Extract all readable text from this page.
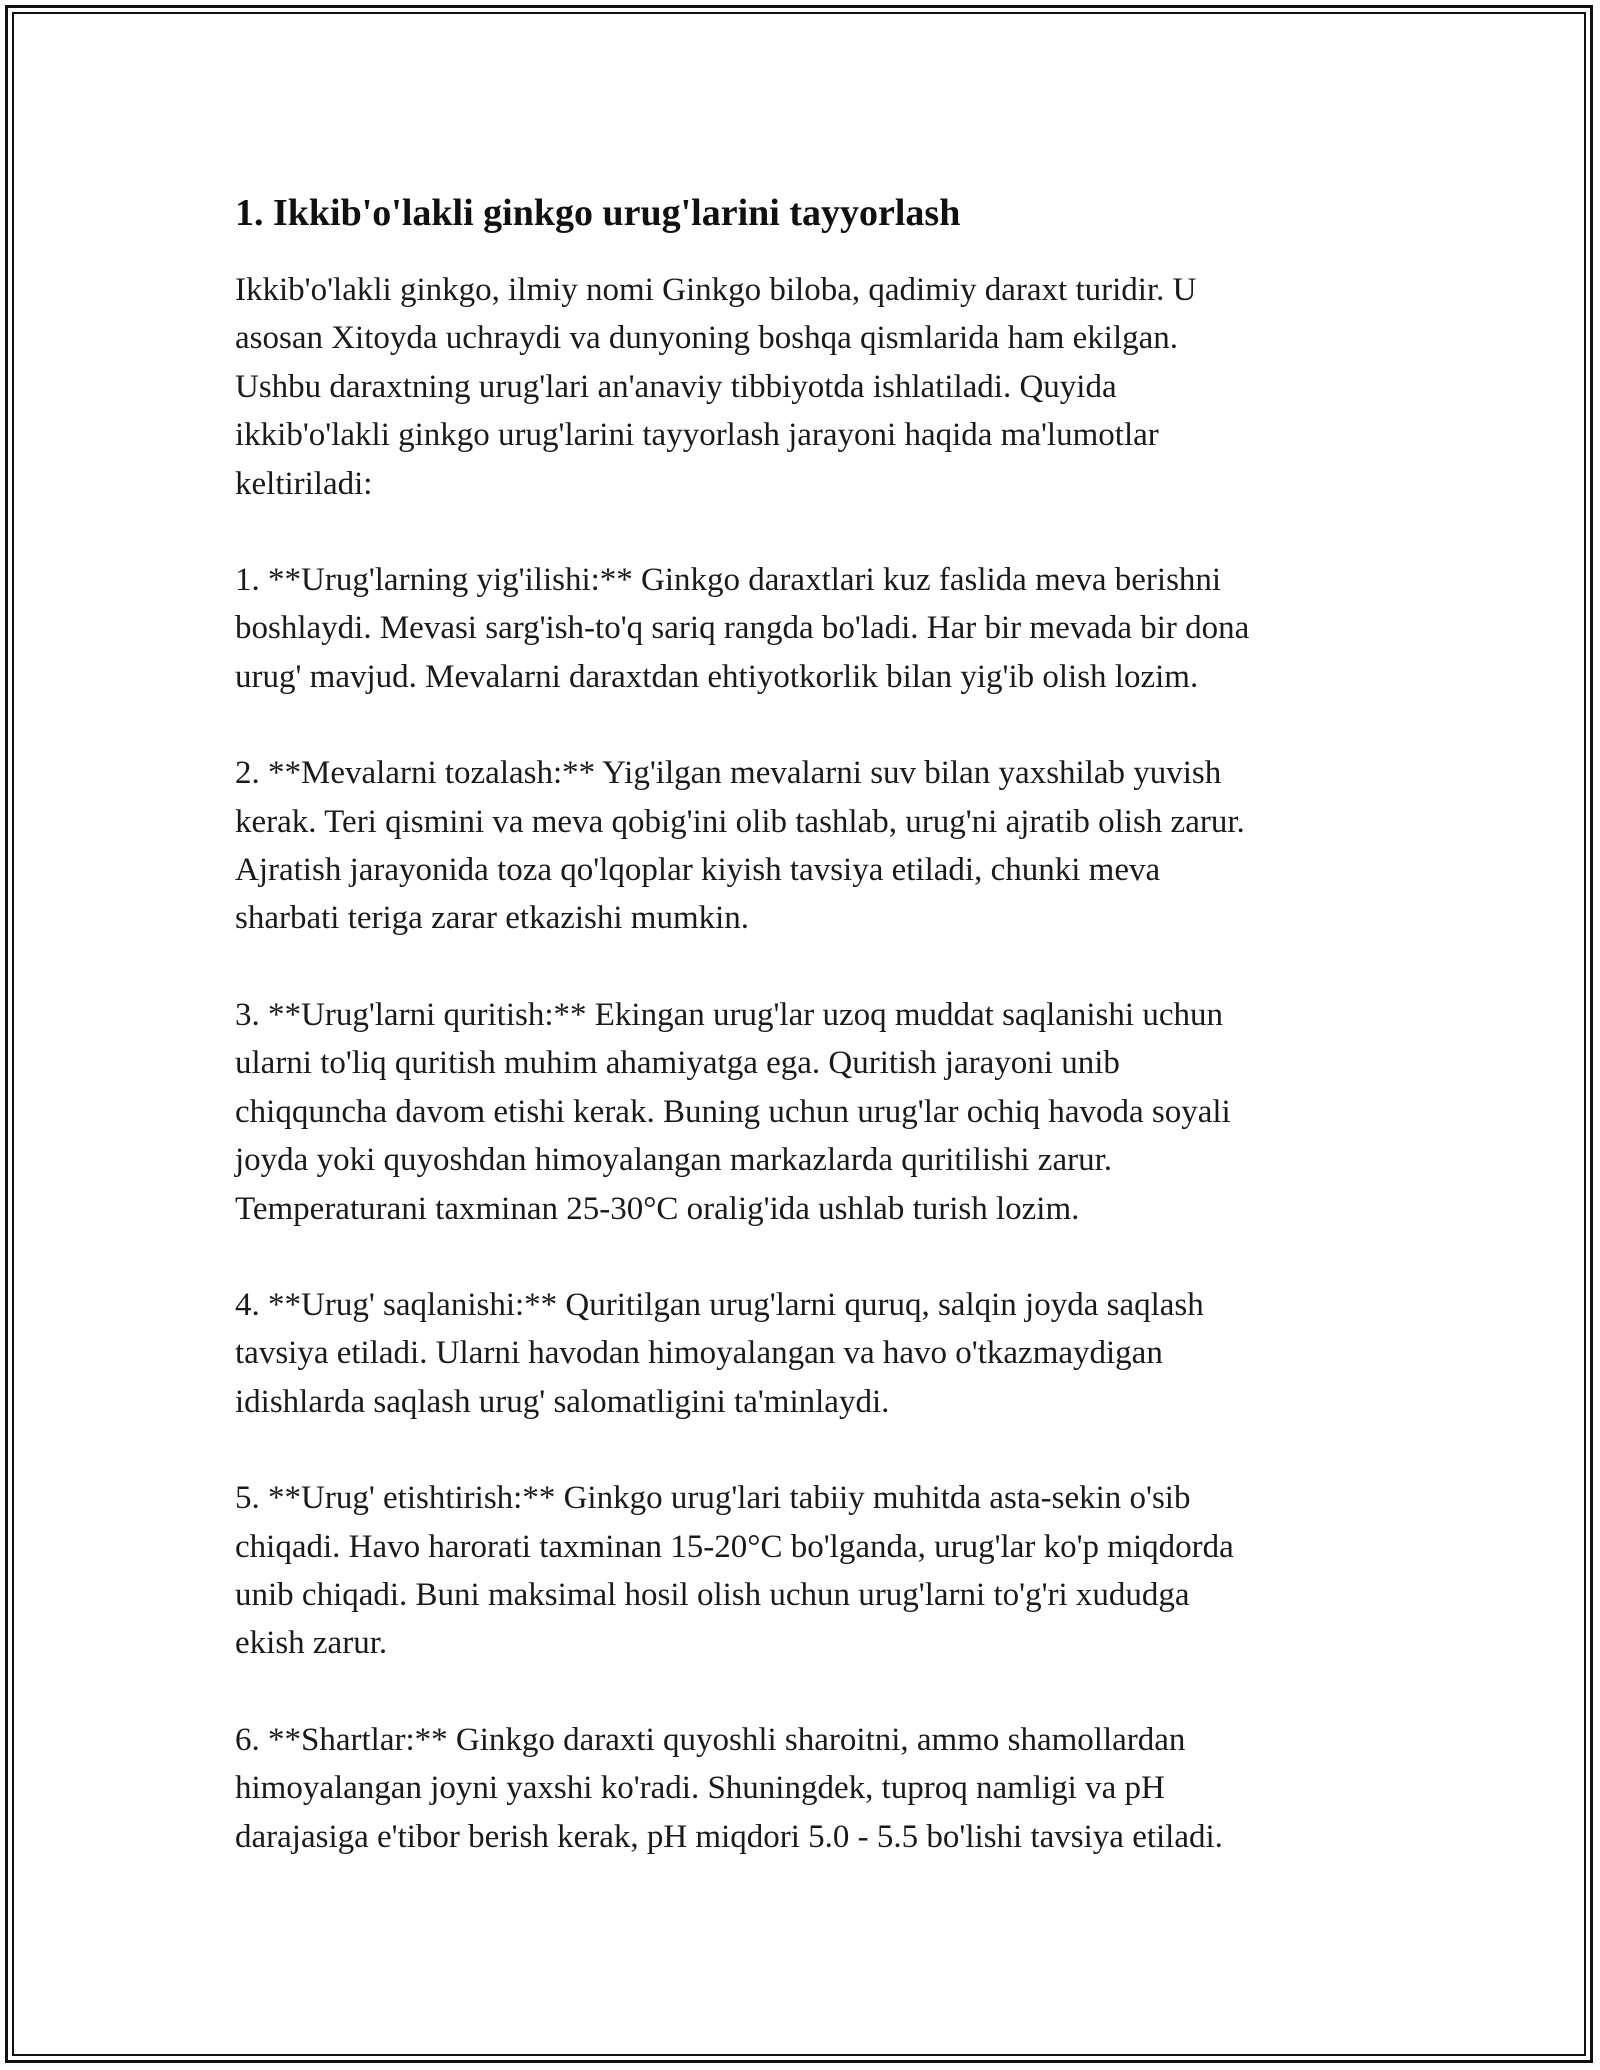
1. Ikkib'o'lakli ginkgo urug'larini tayyorlash

Ikkib'o'lakli ginkgo, ilmiy nomi Ginkgo biloba, qadimiy daraxt turidir. U
asosan Xitoyda uchraydi va dunyoning boshqa qismlarida ham ekilgan.
Ushbu daraxtning urug'lari an'anaviy tibbiyotda ishlatiladi. Quyida
ikkib'o'lakli ginkgo urug'larini tayyorlash jarayoni haqida ma'lumotlar
keltiriladi:

1. **Urug'larning yig'ilishi:** Ginkgo daraxtlari kuz faslida meva berishni
boshlaydi. Mevasi sarg'ish-to'q sariq rangda bo'ladi. Har bir mevada bir dona
urug' mavjud. Mevalarni daraxtdan ehtiyotkorlik bilan yig'ib olish lozim.

2. **Mevalarni tozalash:** Yig'ilgan mevalarni suv bilan yaxshilab yuvish
kerak. Teri qismini va meva qobig'ini olib tashlab, urug'ni ajratib olish zarur.
Ajratish jarayonida toza qo'lqoplar kiyish tavsiya etiladi, chunki meva
sharbati teriga zarar etkazishi mumkin.

3. **Urug'larni quritish:** Ekingan urug'lar uzoq muddat saqlanishi uchun
ularni to'liq quritish muhim ahamiyatga ega. Quritish jarayoni unib
chiqquncha davom etishi kerak. Buning uchun urug'lar ochiq havoda soyali
joyda yoki quyoshdan himoyalangan markazlarda quritilishi zarur.
Temperaturani taxminan 25-30°C oralig'ida ushlab turish lozim.

4. **Urug' saqlanishi:** Quritilgan urug'larni quruq, salqin joyda saqlash
tavsiya etiladi. Ularni havodan himoyalangan va havo o'tkazmaydigan
idishlarda saqlash urug' salomatligini ta'minlaydi.

5. **Urug' etishtirish:** Ginkgo urug'lari tabiiy muhitda asta-sekin o'sib
chiqadi. Havo harorati taxminan 15-20°C bo'lganda, urug'lar ko'p miqdorda
unib chiqadi. Buni maksimal hosil olish uchun urug'larni to'g'ri xududga
ekish zarur.

6. **Shartlar:** Ginkgo daraxti quyoshli sharoitni, ammo shamollardan
himoyalangan joyni yaxshi ko'radi. Shuningdek, tuproq namligi va pH
darajasiga e'tibor berish kerak, pH miqdori 5.0 - 5.5 bo'lishi tavsiya etiladi.
